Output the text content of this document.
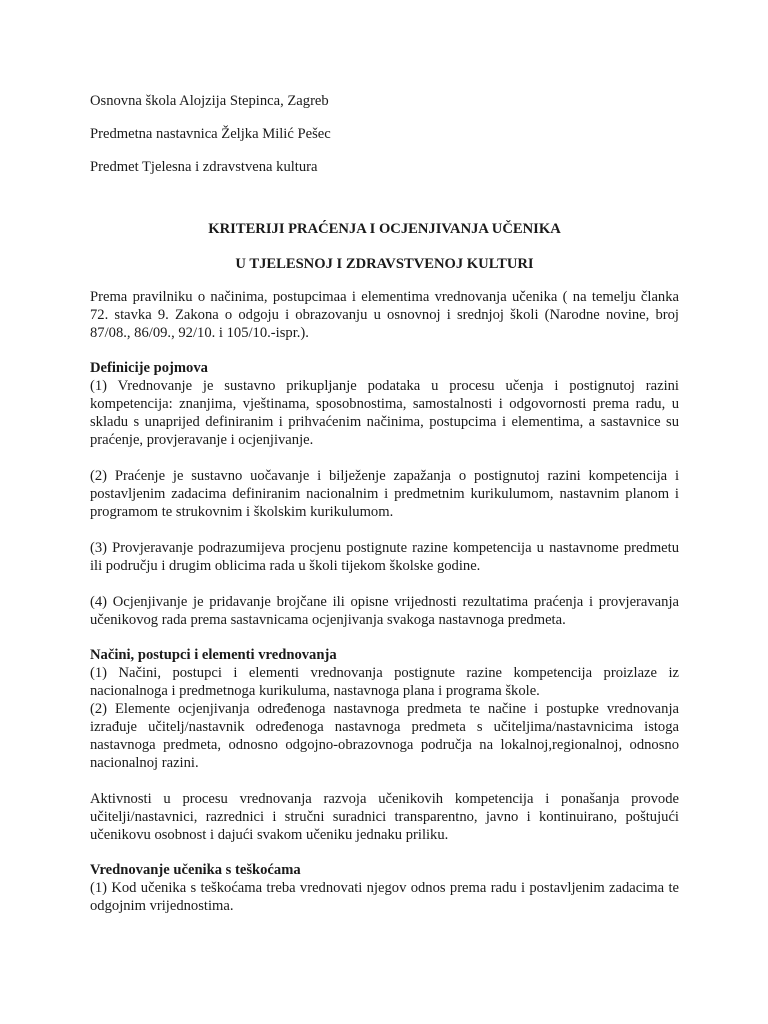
Osnovna škola Alojzija Stepinca, Zagreb

Predmetna nastavnica Željka Milić Pešec

Predmet Tjelesna i zdravstvena kultura

KRITERIJI PRAĆENJA I OCJENJIVANJA UČENIKA

U TJELESNOJ I ZDRAVSTVENOJ KULTURI

Prema pravilniku o načinima, postupcimaa i elementima vrednovanja učenika ( na temelju članka 72. stavka 9. Zakona o odgoju i obrazovanju u osnovnoj i srednjoj školi (Narodne novine, broj 87/08., 86/09., 92/10. i 105/10.-ispr.).

Definicije pojmova

(1) Vrednovanje je sustavno prikupljanje podataka u procesu učenja i postignutoj razini kompetencija: znanjima, vještinama, sposobnostima, samostalnosti i odgovornosti prema radu, u skladu s unaprijed definiranim i prihvaćenim načinima, postupcima i elementima, a sastavnice su praćenje, provjeravanje i ocjenjivanje.

(2) Praćenje je sustavno uočavanje i bilježenje zapažanja o postignutoj razini kompetencija i postavljenim zadacima definiranim nacionalnim i predmetnim kurikulumom, nastavnim planom i programom te strukovnim i školskim kurikulumom.

(3) Provjeravanje podrazumijeva procjenu postignute razine kompetencija u nastavnome predmetu ili području i drugim oblicima rada u školi tijekom školske godine.

(4) Ocjenjivanje je pridavanje brojčane ili opisne vrijednosti rezultatima praćenja i provjeravanja učenikovog rada prema sastavnicama ocjenjivanja svakoga nastavnoga predmeta.

Načini, postupci i elementi vrednovanja

(1) Načini, postupci i elementi vrednovanja postignute razine kompetencija proizlaze iz nacionalnoga i predmetnoga kurikuluma, nastavnoga plana i programa škole.

(2) Elemente ocjenjivanja određenoga nastavnoga predmeta te načine i postupke vrednovanja izrađuje učitelj/nastavnik određenoga nastavnoga predmeta s učiteljima/nastavnicima istoga nastavnoga predmeta, odnosno odgojno-obrazovnoga područja na lokalnoj,regionalnoj, odnosno nacionalnoj razini.

Aktivnosti u procesu vrednovanja razvoja učenikovih kompetencija i ponašanja provode učitelji/nastavnici, razrednici i stručni suradnici transparentno, javno i kontinuirano, poštujući učenikovu osobnost i dajući svakom učeniku jednaku priliku.

Vrednovanje učenika s teškoćama

(1) Kod učenika s teškoćama treba vrednovati njegov odnos prema radu i postavljenim zadacima te odgojnim vrijednostima.
